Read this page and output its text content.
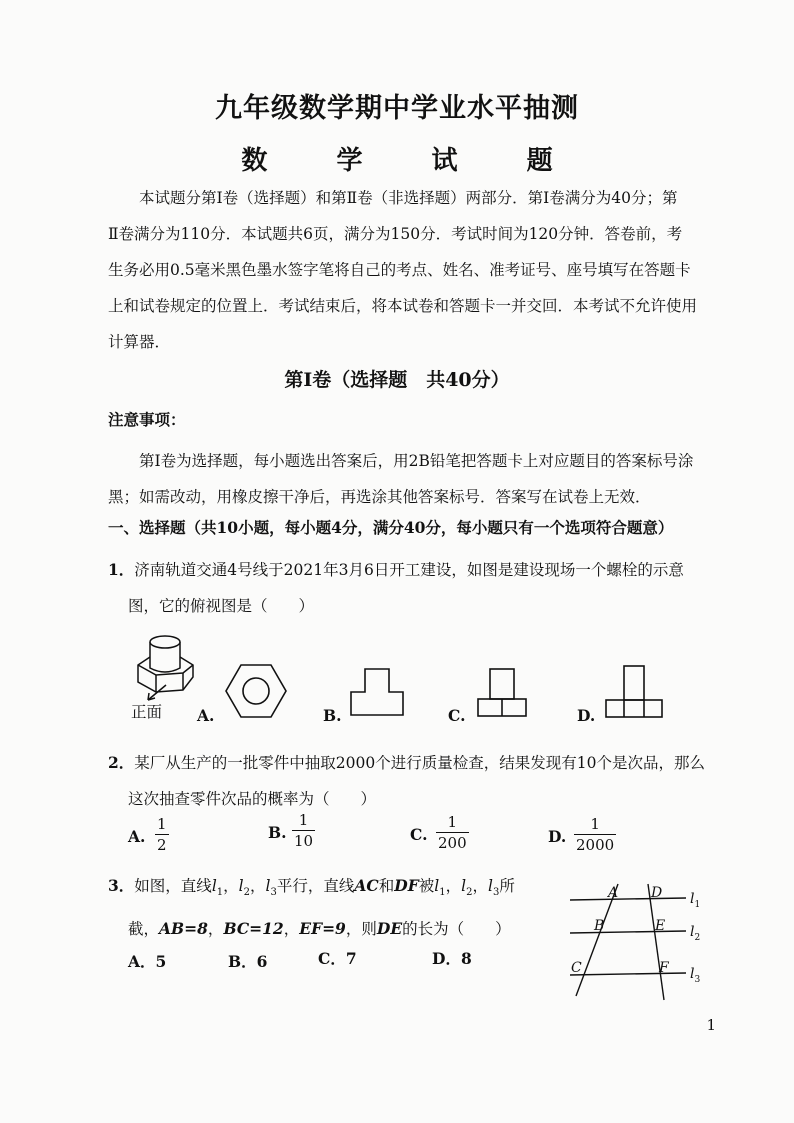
九年级数学期中学业水平抽测
数 学 试 题
本试题分第Ⅰ卷（选择题）和第Ⅱ卷（非选择题）两部分．第Ⅰ卷满分为40分；第
Ⅱ卷满分为110分．本试题共6页，满分为150分．考试时间为120分钟．答卷前，考
生务必用0.5毫米黑色墨水签字笔将自己的考点、姓名、准考证号、座号填写在答题卡
上和试卷规定的位置上．考试结束后，将本试卷和答题卡一并交回．本考试不允许使用
计算器．
第Ⅰ卷（选择题　共40分）
注意事项：
第Ⅰ卷为选择题，每小题选出答案后，用2B铅笔把答题卡上对应题目的答案标号涂
黑；如需改动，用橡皮擦干净后，再选涂其他答案标号．答案写在试卷上无效．
一、选择题（共10小题，每小题4分，满分40分，每小题只有一个选项符合题意）
1．济南轨道交通4号线于2021年3月6日开工建设，如图是建设现场一个螺栓的示意
图，它的俯视图是（　　）
正面 A.	B.	C.	D.
2．某厂从生产的一批零件中抽取2000个进行质量检查，结果发现有10个是次品，那么
这次抽查零件次品的概率为（　　）
A. $\frac{1}{2}$	B. $\frac{1}{10}$	C. $\frac{1}{200}$	D. $\frac{1}{2000}$
3．如图，直线$l_1$，$l_2$，$l_3$平行，直线AC和DF被$l_1$，$l_2$，$l_3$所
截，AB=8，BC=12，EF=9，则DE的长为（　　）
A．5	B．6	C．7	D．8
A D
B	E
C	F
$l_1$
$l_2$
$l_3$
1
